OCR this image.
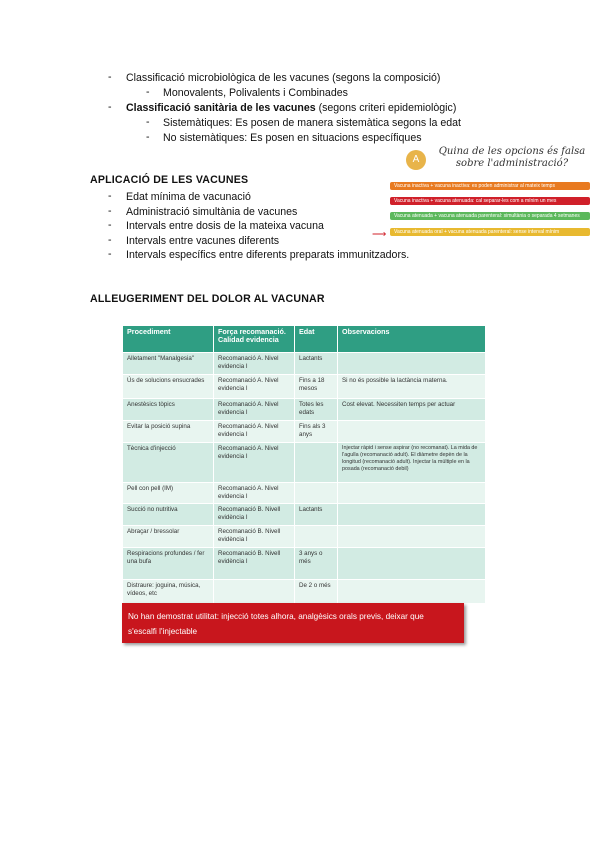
- Classificació microbiològica de les vacunes (segons la composició)
- Monovalents, Polivalents i Combinades
- Classificació sanitària de les vacunes (segons criteri epidemiològic)
- Sistemàtiques: Es posen de manera sistemàtica segons la edat
- No sistemàtiques: Es posen en situacions específiques
APLICACIÓ DE LES VACUNES
- Edat mínima de vacunació
- Administració simultània de vacunes
- Intervals entre dosis de la mateixa vacuna
- Intervals entre vacunes diferents
- Intervals específics entre diferents preparats immunitzadors.
A
Quina de les opcions és falsa sobre l'administració?
Vacuna inactiva + vacuna inactiva: es poden administrar al mateix temps
Vacuna inactiva + vacuna atenuada: cal separar-les com a mínim un mes
Vacuna atenuada + vacuna atenuada parenteral: simultània o separada 4 setmanes
Vacuna atenuada oral + vacuna atenuada parenteral: sense interval mínim
⟶
ALLEUGERIMENT DEL DOLOR AL VACUNAR
Procediment	Força recomanació. Calidad evidencia	Edat	Observacions
Alletament "Manalgesia"	Recomanació A. Nivel evidencia I	Lactants	
Ús de solucions ensucrades	Recomanació A. Nivel evidencia I	Fins a 18 mesos	Si no és possible la lactància materna.
Anestèsics tòpics	Recomanació A. Nivel evidencia I	Totes les edats	Cost elevat. Necessiten temps per actuar
Evitar la posició supina	Recomanació A. Nivel evidencia I	Fins als 3 anys	
Tècnica d'injecció	Recomanació A. Nivel evidencia I		Injectar ràpid i sense aspirar (no recomanat). La mida de l'agulla (recomanació adult). El diàmetre depèn de la longitud (recomanació adult). Injectar la múltiple en la posada (recomanació debil)
Pell con pell (IM)	Recomanació A. Nivel evidencia I		
Succió no nutritiva	Recomanació B. Nivell evidència I	Lactants	
Abraçar / bressolar	Recomanació B. Nivell evidència I		
Respiracions profundes / fer una bufa	Recomanació B. Nivell evidència I	3 anys o més	
Distraure: joguina, música, vídeos, etc		De 2 o més	
No han demostrat utilitat: injecció totes alhora, analgèsics orals previs, deixar que
s'escalfi l'injectable
